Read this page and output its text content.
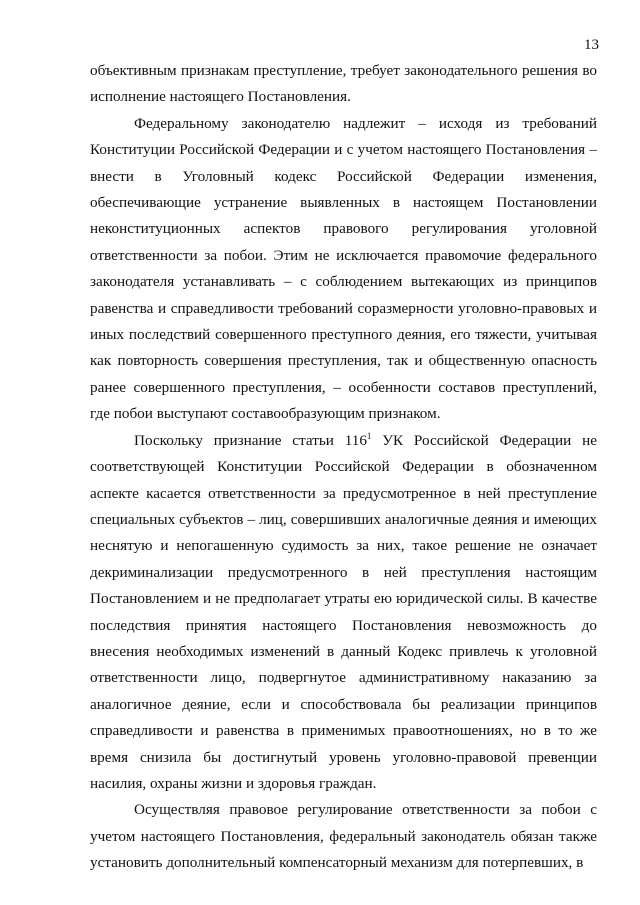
13

объективным признакам преступление, требует законодательного решения во исполнение настоящего Постановления.

Федеральному законодателю надлежит – исходя из требований Конституции Российской Федерации и с учетом настоящего Постановления – внести в Уголовный кодекс Российской Федерации изменения, обеспечивающие устранение выявленных в настоящем Постановлении неконституционных аспектов правового регулирования уголовной ответственности за побои. Этим не исключается правомочие федерального законодателя устанавливать – с соблюдением вытекающих из принципов равенства и справедливости требований соразмерности уголовно-правовых и иных последствий совершенного преступного деяния, его тяжести, учитывая как повторность совершения преступления, так и общественную опасность ранее совершенного преступления, – особенности составов преступлений, где побои выступают составообразующим признаком.

Поскольку признание статьи $116^1$ УК Российской Федерации не соответствующей Конституции Российской Федерации в обозначенном аспекте касается ответственности за предусмотренное в ней преступление специальных субъектов – лиц, совершивших аналогичные деяния и имеющих неснятую и непогашенную судимость за них, такое решение не означает декриминализации предусмотренного в ней преступления настоящим Постановлением и не предполагает утраты ею юридической силы. В качестве последствия принятия настоящего Постановления невозможность до внесения необходимых изменений в данный Кодекс привлечь к уголовной ответственности лицо, подвергнутое административному наказанию за аналогичное деяние, если и способствовала бы реализации принципов справедливости и равенства в применимых правоотношениях, но в то же время снизила бы достигнутый уровень уголовно-правовой превенции насилия, охраны жизни и здоровья граждан.

Осуществляя правовое регулирование ответственности за побои с учетом настоящего Постановления, федеральный законодатель обязан также установить дополнительный компенсаторный механизм для потерпевших, в
